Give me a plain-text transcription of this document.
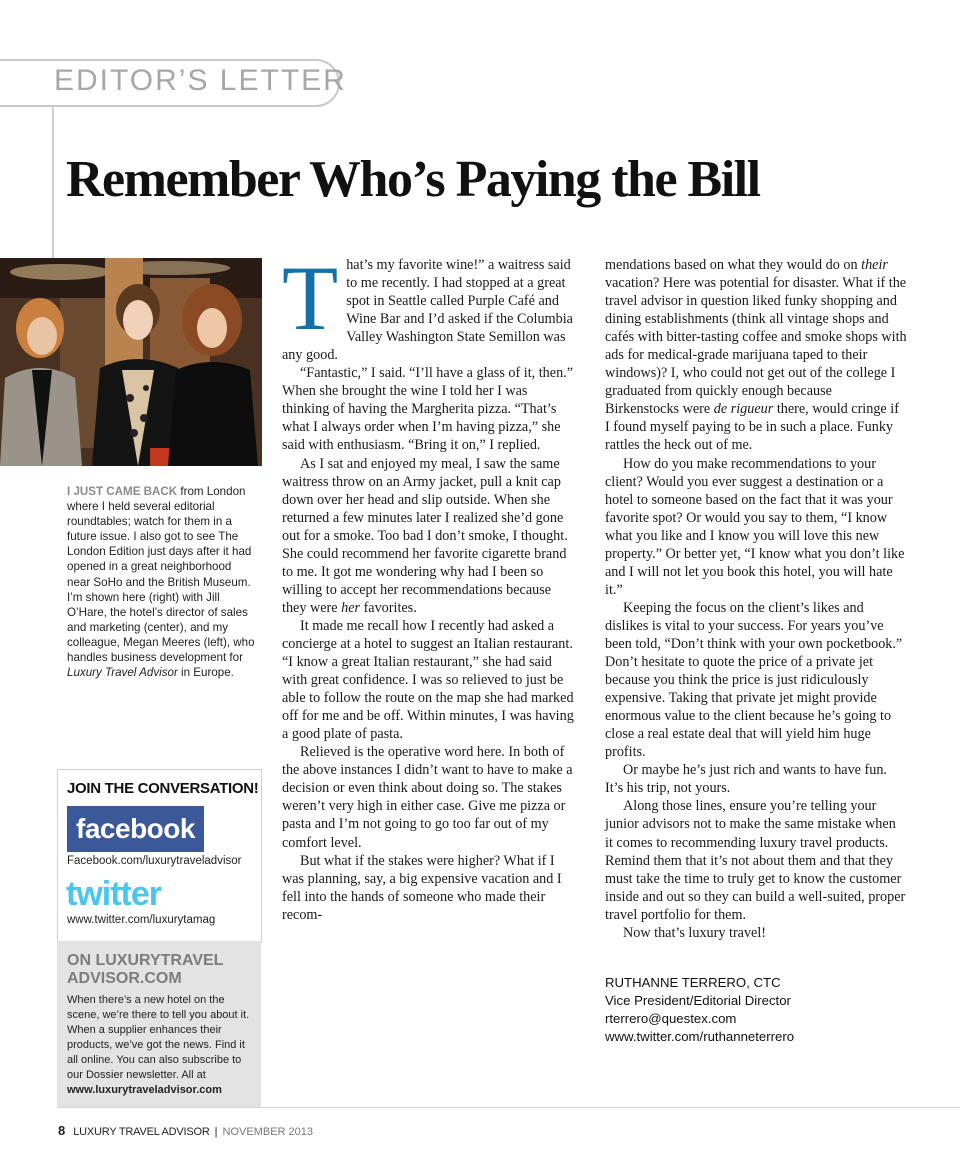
EDITOR’S LETTER
Remember Who’s Paying the Bill
I JUST CAME BACK from London where I held several editorial roundtables; watch for them in a future issue. I also got to see The London Edition just days after it had opened in a great neighborhood near SoHo and the British Museum. I’m shown here (right) with Jill O’Hare, the hotel’s director of sales and marketing (center), and my colleague, Megan Meeres (left), who handles business development for Luxury Travel Advisor in Europe.
JOIN THE CONVERSATION!
facebook
Facebook.com/luxurytraveladvisor
twitter
www.twitter.com/luxurytamag
ON LUXURYTRAVEL ADVISOR.COM
When there’s a new hotel on the scene, we’re there to tell you about it. When a supplier enhances their products, we’ve got the news. Find it all online. You can also subscribe to our Dossier newsletter. All at www.luxurytraveladvisor.com

That’s my favorite wine!” a waitress said to me recently. I had stopped at a great spot in Seattle called Purple Café and Wine Bar and I’d asked if the Columbia Valley Washington State Semillon was any good.

“Fantastic,” I said. “I’ll have a glass of it, then.” When she brought the wine I told her I was thinking of having the Margherita pizza. “That’s what I always order when I’m having pizza,” she said with enthusiasm. “Bring it on,” I replied.

As I sat and enjoyed my meal, I saw the same waitress throw on an Army jacket, pull a knit cap down over her head and slip outside. When she returned a few minutes later I realized she’d gone out for a smoke. Too bad I don’t smoke, I thought. She could recommend her favorite cigarette brand to me. It got me wondering why had I been so willing to accept her recommendations because they were her favorites.

It made me recall how I recently had asked a concierge at a hotel to suggest an Italian restaurant. “I know a great Italian restaurant,” she had said with great confidence. I was so relieved to just be able to follow the route on the map she had marked off for me and be off. Within minutes, I was having a good plate of pasta.

Relieved is the operative word here. In both of the above instances I didn’t want to have to make a decision or even think about doing so. The stakes weren’t very high in either case. Give me pizza or pasta and I’m not going to go too far out of my comfort level.

But what if the stakes were higher? What if I was planning, say, a big expensive vacation and I fell into the hands of someone who made their recom-

mendations based on what they would do on their vacation? Here was potential for disaster. What if the travel advisor in question liked funky shopping and dining establishments (think all vintage shops and cafés with bitter-tasting coffee and smoke shops with ads for medical-grade marijuana taped to their windows)? I, who could not get out of the college I graduated from quickly enough because Birkenstocks were de rigueur there, would cringe if I found myself paying to be in such a place. Funky rattles the heck out of me.

How do you make recommendations to your client? Would you ever suggest a destination or a hotel to someone based on the fact that it was your favorite spot? Or would you say to them, “I know what you like and I know you will love this new property.” Or better yet, “I know what you don’t like and I will not let you book this hotel, you will hate it.”

Keeping the focus on the client’s likes and dislikes is vital to your success. For years you’ve been told, “Don’t think with your own pocketbook.” Don’t hesitate to quote the price of a private jet because you think the price is just ridiculously expensive. Taking that private jet might provide enormous value to the client because he’s going to close a real estate deal that will yield him huge profits.

Or maybe he’s just rich and wants to have fun. It’s his trip, not yours.

Along those lines, ensure you’re telling your junior advisors not to make the same mistake when it comes to recommending luxury travel products. Remind them that it’s not about them and that they must take the time to truly get to know the customer inside and out so they can build a well-suited, proper travel portfolio for them.

Now that’s luxury travel!

RUTHANNE TERRERO, CTC
Vice President/Editorial Director
rterrero@questex.com
www.twitter.com/ruthanneterrero
8 LUXURY TRAVEL ADVISOR | NOVEMBER 2013
